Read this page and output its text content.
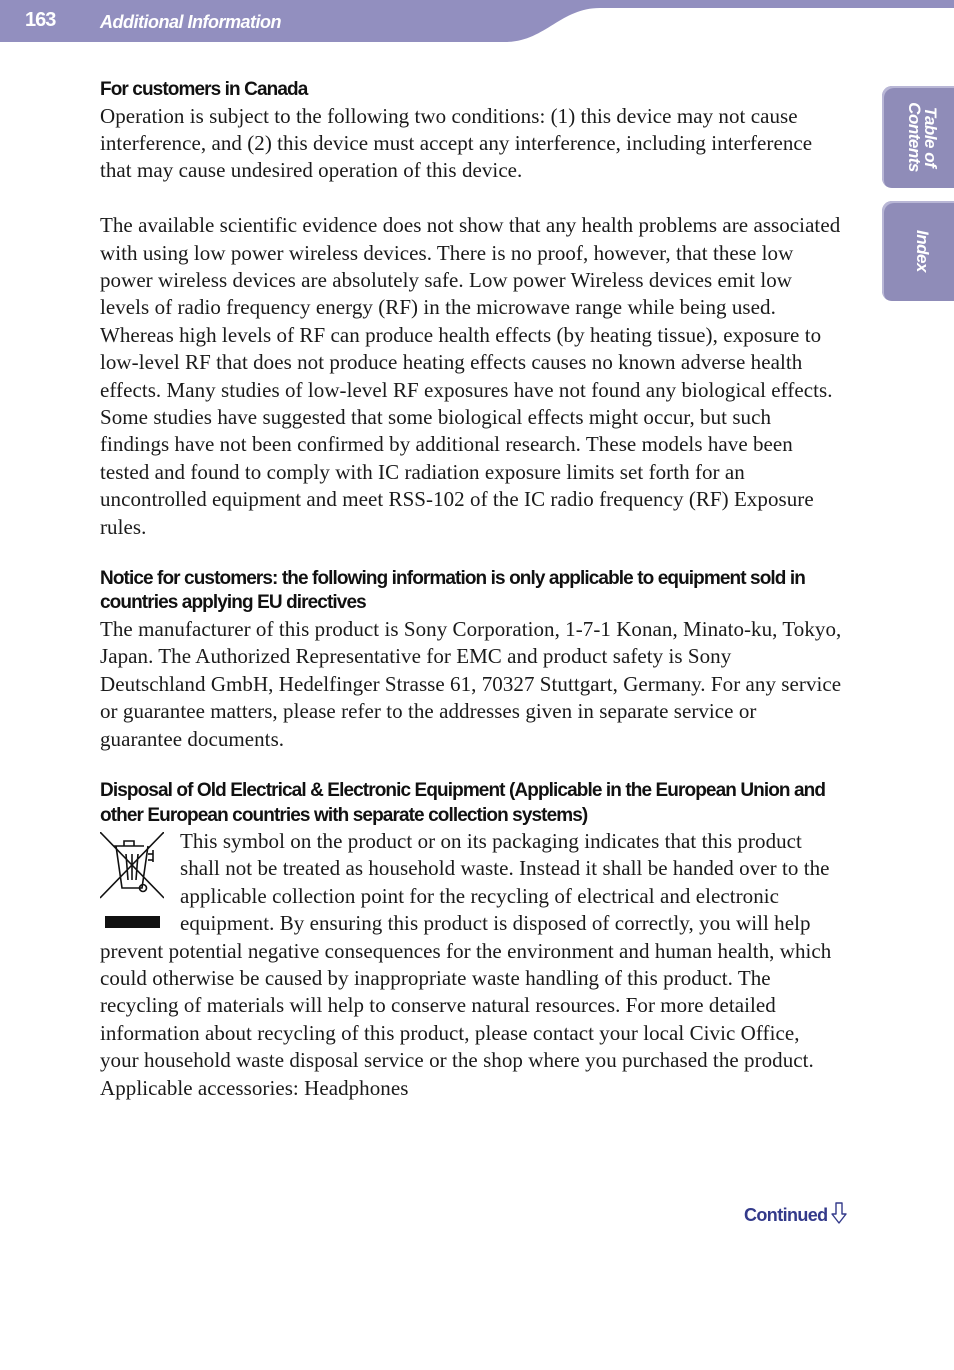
163 Additional Information
Table of
Contents
Index
For customers in Canada

Operation is subject to the following two conditions: (1) this device may not cause interference, and (2) this device must accept any interference, including interference that may cause undesired operation of this device.

The available scientific evidence does not show that any health problems are associated with using low power wireless devices. There is no proof, however, that these low power wireless devices are absolutely safe. Low power Wireless devices emit low levels of radio frequency energy (RF) in the microwave range while being used. Whereas high levels of RF can produce health effects (by heating tissue), exposure to low-level RF that does not produce heating effects causes no known adverse health effects. Many studies of low-level RF exposures have not found any biological effects. Some studies have suggested that some biological effects might occur, but such findings have not been confirmed by additional research. These models have been tested and found to comply with IC radiation exposure limits set forth for an uncontrolled equipment and meet RSS-102 of the IC radio frequency (RF) Exposure rules.

Notice for customers: the following information is only applicable to equipment sold in countries applying EU directives

The manufacturer of this product is Sony Corporation, 1-7-1 Konan, Minato-ku, Tokyo, Japan. The Authorized Representative for EMC and product safety is Sony Deutschland GmbH, Hedelfinger Strasse 61, 70327 Stuttgart, Germany. For any service or guarantee matters, please refer to the addresses given in separate service or guarantee documents.

Disposal of Old Electrical & Electronic Equipment (Applicable in the European Union and other European countries with separate collection systems)

This symbol on the product or on its packaging indicates that this product shall not be treated as household waste. Instead it shall be handed over to the applicable collection point for the recycling of electrical and electronic equipment. By ensuring this product is disposed of correctly, you will help prevent potential negative consequences for the environment and human health, which could otherwise be caused by inappropriate waste handling of this product. The recycling of materials will help to conserve natural resources. For more detailed information about recycling of this product, please contact your local Civic Office, your household waste disposal service or the shop where you purchased the product.

Applicable accessories: Headphones

Continued
